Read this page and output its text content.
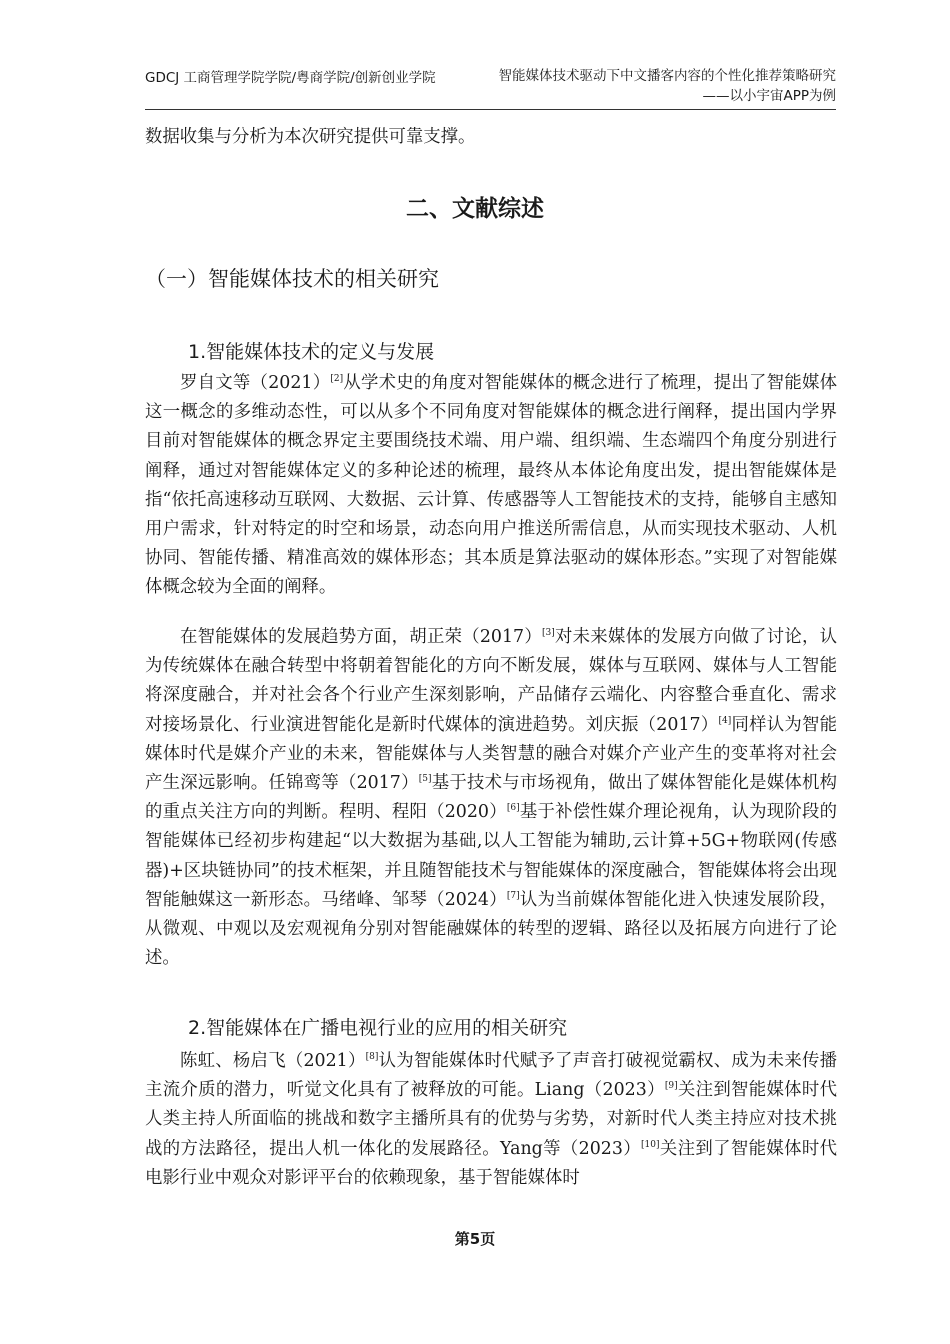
GDCJ 工商管理学院学院/粤商学院/创新创业学院	智能媒体技术驱动下中文播客内容的个性化推荐策略研究
——以小宇宙APP为例

数据收集与分析为本次研究提供可靠支撑。

二、文献综述
（一）智能媒体技术的相关研究
1.智能媒体技术的定义与发展

罗自文等（2021）[2]从学术史的角度对智能媒体的概念进行了梳理，提出了智能媒体这一概念的多维动态性，可以从多个不同角度对智能媒体的概念进行阐释，提出国内学界目前对智能媒体的概念界定主要围绕技术端、用户端、组织端、生态端四个角度分别进行阐释，通过对智能媒体定义的多种论述的梳理，最终从本体论角度出发，提出智能媒体是指“依托高速移动互联网、大数据、云计算、传感器等人工智能技术的支持，能够自主感知用户需求，针对特定的时空和场景，动态向用户推送所需信息，从而实现技术驱动、人机协同、智能传播、精准高效的媒体形态；其本质是算法驱动的媒体形态。”实现了对智能媒体概念较为全面的阐释。

在智能媒体的发展趋势方面，胡正荣（2017）[3]对未来媒体的发展方向做了讨论，认为传统媒体在融合转型中将朝着智能化的方向不断发展，媒体与互联网、媒体与人工智能将深度融合，并对社会各个行业产生深刻影响，产品储存云端化、内容整合垂直化、需求对接场景化、行业演进智能化是新时代媒体的演进趋势。刘庆振（2017）[4]同样认为智能媒体时代是媒介产业的未来，智能媒体与人类智慧的融合对媒介产业产生的变革将对社会产生深远影响。任锦鸾等（2017）[5]基于技术与市场视角，做出了媒体智能化是媒体机构的重点关注方向的判断。程明、程阳（2020）[6]基于补偿性媒介理论视角，认为现阶段的智能媒体已经初步构建起“以大数据为基础,以人工智能为辅助,云计算+5G+物联网(传感器)+区块链协同”的技术框架，并且随智能技术与智能媒体的深度融合，智能媒体将会出现智能触媒这一新形态。马绪峰、邹琴（2024）[7]认为当前媒体智能化进入快速发展阶段，从微观、中观以及宏观视角分别对智能融媒体的转型的逻辑、路径以及拓展方向进行了论述。

2.智能媒体在广播电视行业的应用的相关研究

陈虹、杨启飞（2021）[8]认为智能媒体时代赋予了声音打破视觉霸权、成为未来传播主流介质的潜力，听觉文化具有了被释放的可能。Liang（2023）[9]关注到智能媒体时代人类主持人所面临的挑战和数字主播所具有的优势与劣势，对新时代人类主持应对技术挑战的方法路径，提出人机一体化的发展路径。Yang等（2023）[10]关注到了智能媒体时代电影行业中观众对影评平台的依赖现象，基于智能媒体时

第5页
